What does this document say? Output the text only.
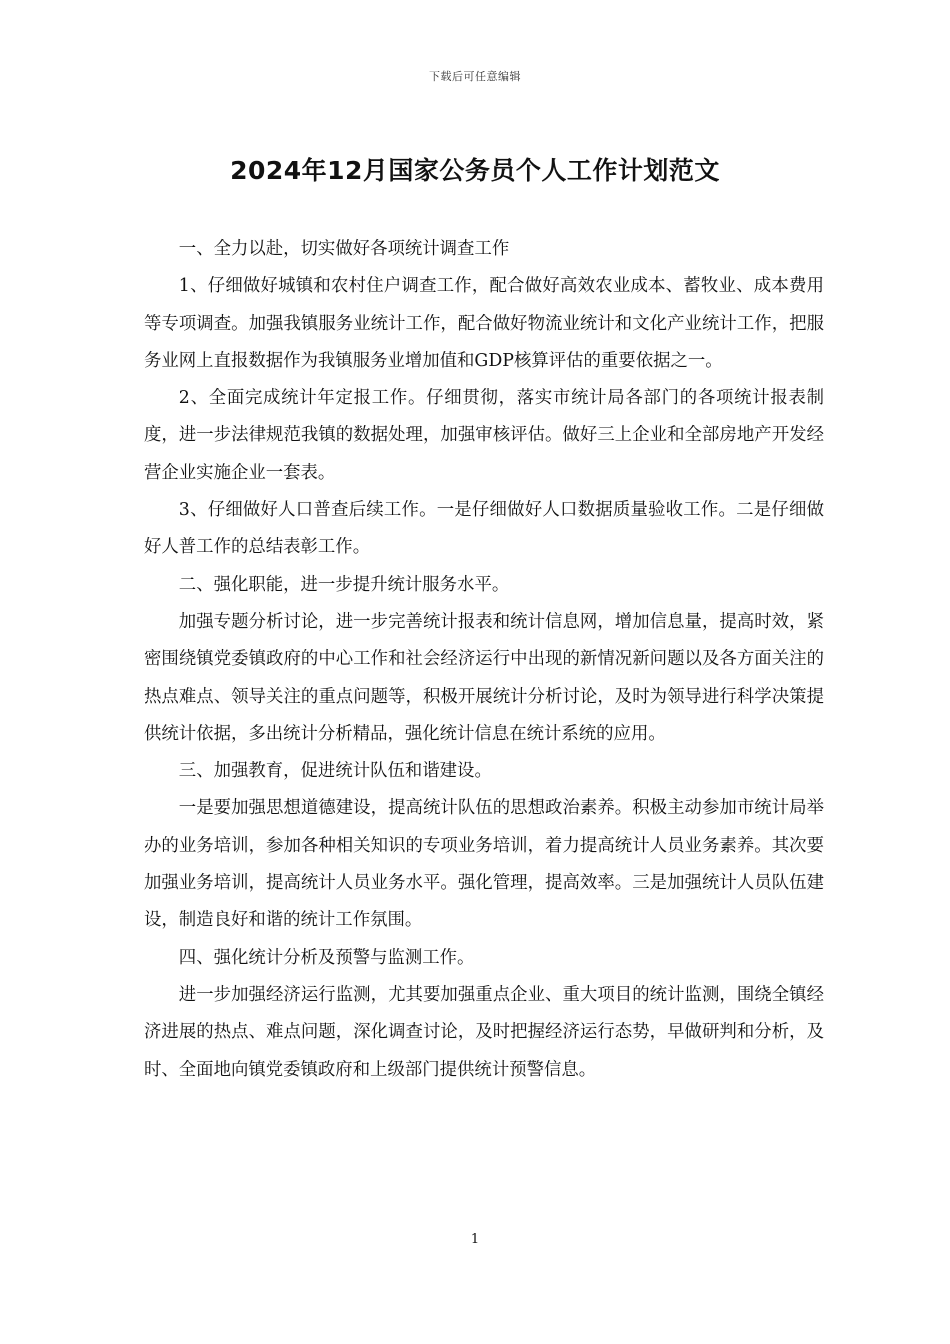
下载后可任意编辑
2024年12月国家公务员个人工作计划范文

一、全力以赴，切实做好各项统计调查工作

1、仔细做好城镇和农村住户调查工作，配合做好高效农业成本、蓄牧业、成本费用等专项调查。加强我镇服务业统计工作，配合做好物流业统计和文化产业统计工作，把服务业网上直报数据作为我镇服务业增加值和GDP核算评估的重要依据之一。

2、全面完成统计年定报工作。仔细贯彻，落实市统计局各部门的各项统计报表制度，进一步法律规范我镇的数据处理，加强审核评估。做好三上企业和全部房地产开发经营企业实施企业一套表。

3、仔细做好人口普查后续工作。一是仔细做好人口数据质量验收工作。二是仔细做好人普工作的总结表彰工作。

二、强化职能，进一步提升统计服务水平。

加强专题分析讨论，进一步完善统计报表和统计信息网，增加信息量，提高时效，紧密围绕镇党委镇政府的中心工作和社会经济运行中出现的新情况新问题以及各方面关注的热点难点、领导关注的重点问题等，积极开展统计分析讨论，及时为领导进行科学决策提供统计依据，多出统计分析精品，强化统计信息在统计系统的应用。

三、加强教育，促进统计队伍和谐建设。

一是要加强思想道德建设，提高统计队伍的思想政治素养。积极主动参加市统计局举办的业务培训，参加各种相关知识的专项业务培训，着力提高统计人员业务素养。其次要加强业务培训，提高统计人员业务水平。强化管理，提高效率。三是加强统计人员队伍建设，制造良好和谐的统计工作氛围。

四、强化统计分析及预警与监测工作。

进一步加强经济运行监测，尤其要加强重点企业、重大项目的统计监测，围绕全镇经济进展的热点、难点问题，深化调查讨论，及时把握经济运行态势，早做研判和分析，及时、全面地向镇党委镇政府和上级部门提供统计预警信息。

1
